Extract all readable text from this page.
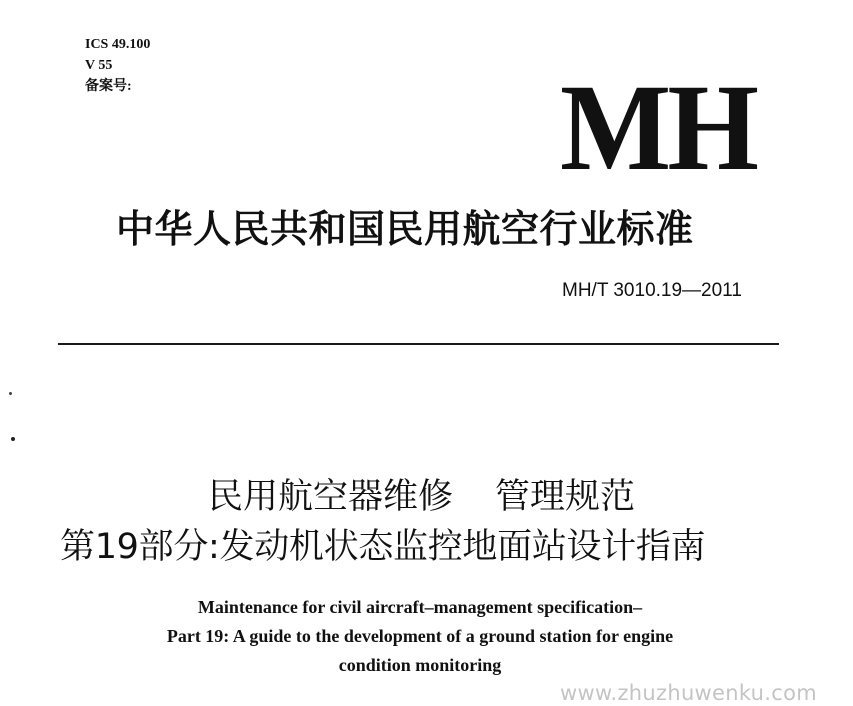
ICS 49.100
V 55
备案号:	MH
中华人民共和国民用航空行业标准
MH/T 3010.19—2011
民用航空器维修 管理规范
第19部分:发动机状态监控地面站设计指南
Maintenance for civil aircraft–management specification–
Part 19: A guide to the development of a ground station for engine
condition monitoring
www.zhuzhuwenku.com
